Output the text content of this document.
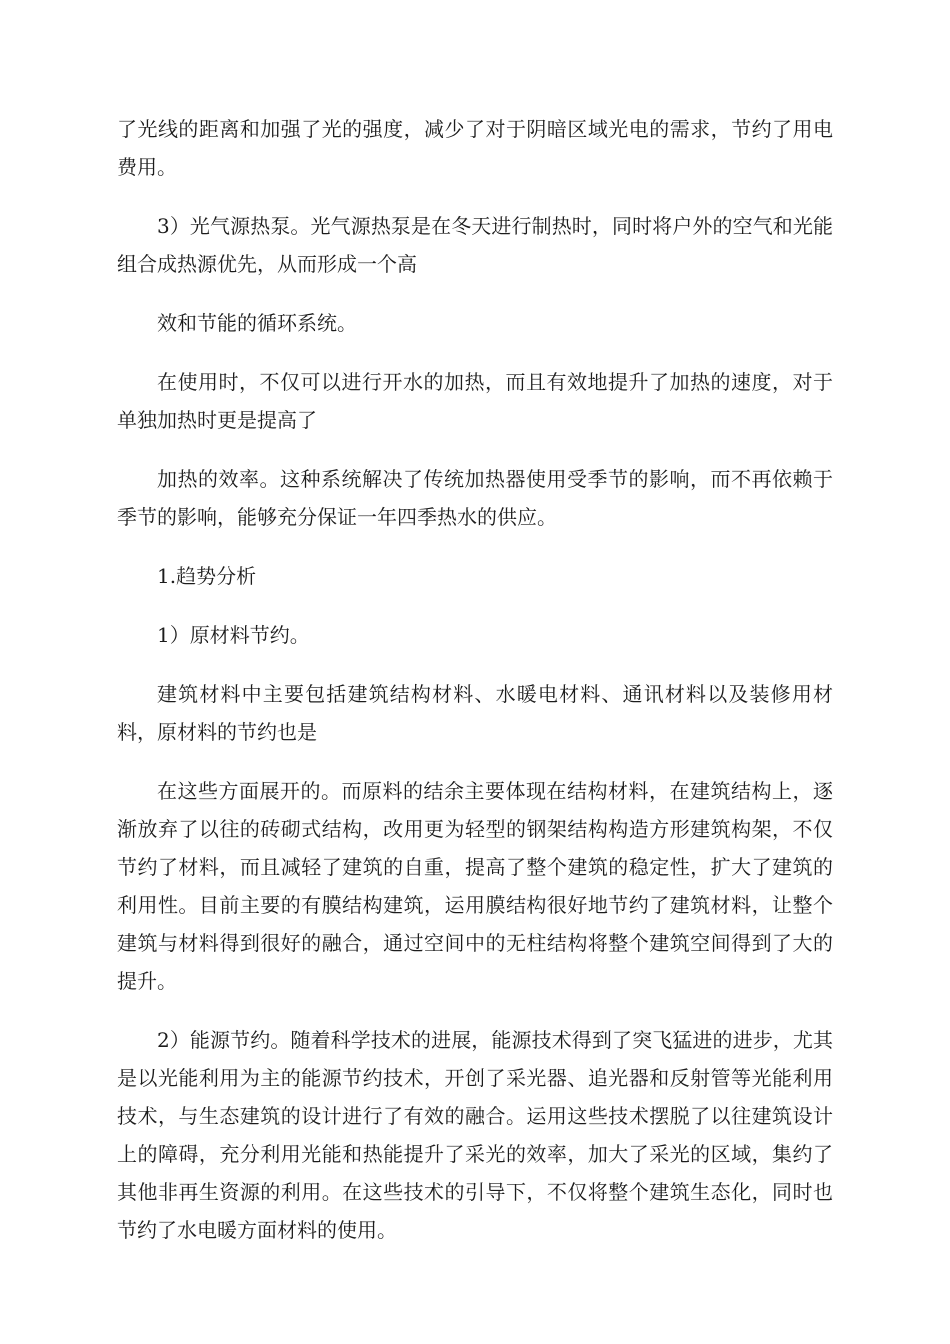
了光线的距离和加强了光的强度，减少了对于阴暗区域光电的需求，节约了用电费用。

3）光气源热泵。光气源热泵是在冬天进行制热时，同时将户外的空气和光能组合成热源优先，从而形成一个高

效和节能的循环系统。

在使用时，不仅可以进行开水的加热，而且有效地提升了加热的速度，对于单独加热时更是提高了

加热的效率。这种系统解决了传统加热器使用受季节的影响，而不再依赖于季节的影响，能够充分保证一年四季热水的供应。

1.趋势分析

1）原材料节约。

建筑材料中主要包括建筑结构材料、水暖电材料、通讯材料以及装修用材料，原材料的节约也是

在这些方面展开的。而原料的结余主要体现在结构材料，在建筑结构上，逐渐放弃了以往的砖砌式结构，改用更为轻型的钢架结构构造方形建筑构架，不仅节约了材料，而且减轻了建筑的自重，提高了整个建筑的稳定性，扩大了建筑的利用性。目前主要的有膜结构建筑，运用膜结构很好地节约了建筑材料，让整个建筑与材料得到很好的融合，通过空间中的无柱结构将整个建筑空间得到了大的提升。

2）能源节约。随着科学技术的进展，能源技术得到了突飞猛进的进步，尤其是以光能利用为主的能源节约技术，开创了采光器、追光器和反射管等光能利用技术，与生态建筑的设计进行了有效的融合。运用这些技术摆脱了以往建筑设计上的障碍，充分利用光能和热能提升了采光的效率，加大了采光的区域，集约了其他非再生资源的利用。在这些技术的引导下，不仅将整个建筑生态化，同时也节约了水电暖方面材料的使用。
